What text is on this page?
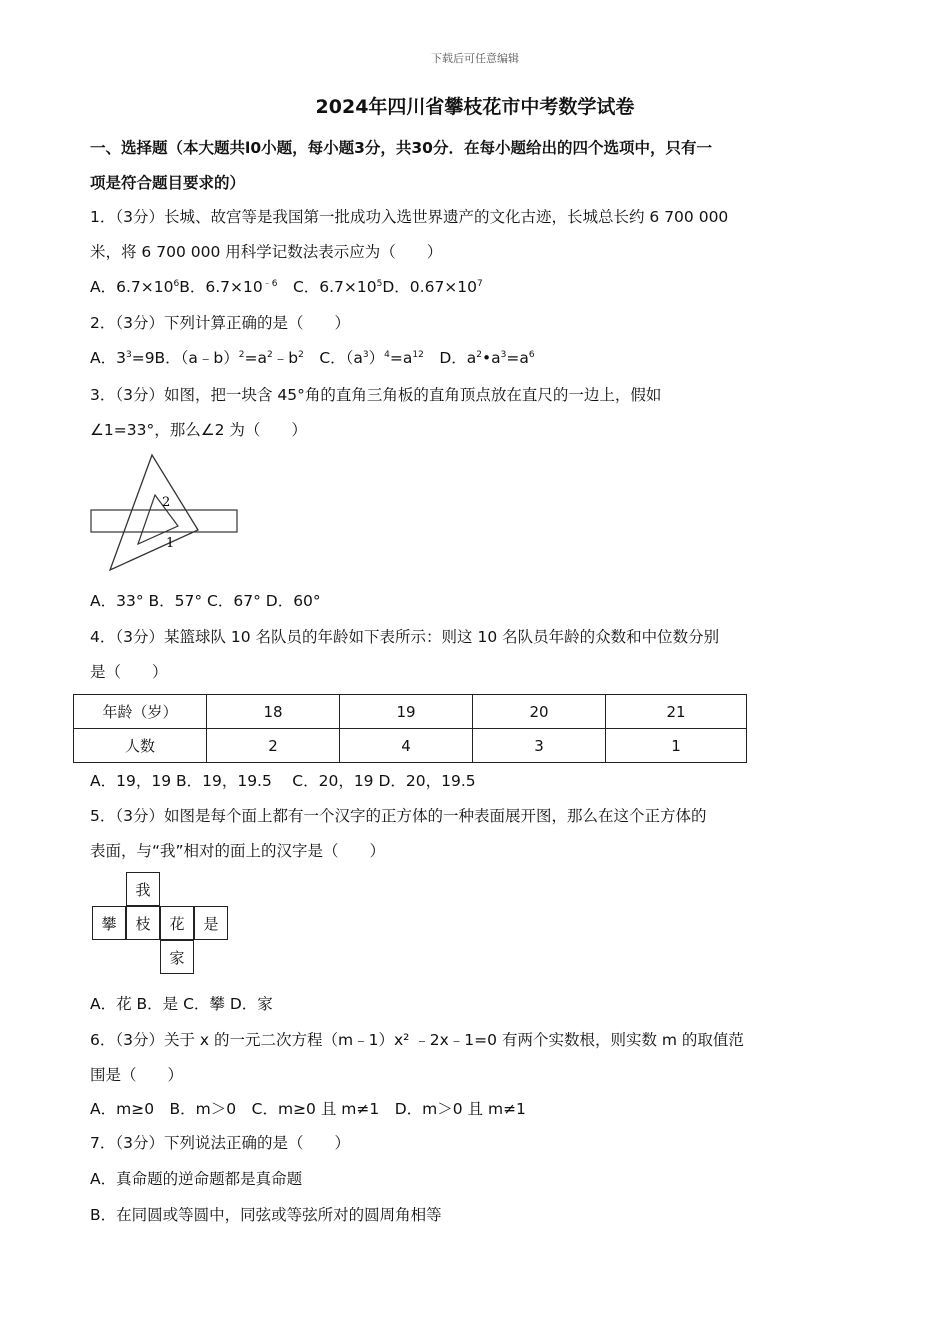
下载后可任意编辑
2024年四川省攀枝花市中考数学试卷
一、选择题（本大题共l0小题，每小题3分，共30分．在每小题给出的四个选项中，只有一
项是符合题目要求的）
1．（3分）长城、故宫等是我国第一批成功入选世界遗产的文化古迹，长城总长约 6 700 000
米，将 6 700 000 用科学记数法表示应为（　　）
A．$6.7\times 10^6B$．$6.7\times 10^{﹣6}$　C．$6.7\times 10^5D$．$0.67\times 10^7$
2．（3分）下列计算正确的是（　　）
A．$3^3=9B$．$(a﹣b)^2=a^2﹣b^2$　C．$(a^3)^4=a^{12}$　D．$a^2•a^3=a^6$
3．（3分）如图，把一块含 45°角的直角三角板的直角顶点放在直尺的一边上，假如
∠1=33°，那么∠2 为（　　）
2
1
A．33° B．57° C．67° D．60°
4．（3分）某篮球队 10 名队员的年龄如下表所示：则这 10 名队员年龄的众数和中位数分别
是（　　）
年龄（岁）	18	19	20	21
人数	2	4	3	1
A．19，19 B．19，19.5　 C．20，19 D．20，19.5
5．（3分）如图是每个面上都有一个汉字的正方体的一种表面展开图，那么在这个正方体的
表面，与“我”相对的面上的汉字是（　　）
我
攀	枝	花	是
家
A．花 B．是 C．攀 D．家
6．（3分）关于 x 的一元二次方程（m﹣1）x² ﹣2x﹣1=0 有两个实数根，则实数 m 的取值范
围是（　　）
A．m≥0　B．m＞0　C．m≥0 且 m≠1　D．m＞0 且 m≠1
7．（3分）下列说法正确的是（　　）
A．真命题的逆命题都是真命题
B．在同圆或等圆中，同弦或等弦所对的圆周角相等
